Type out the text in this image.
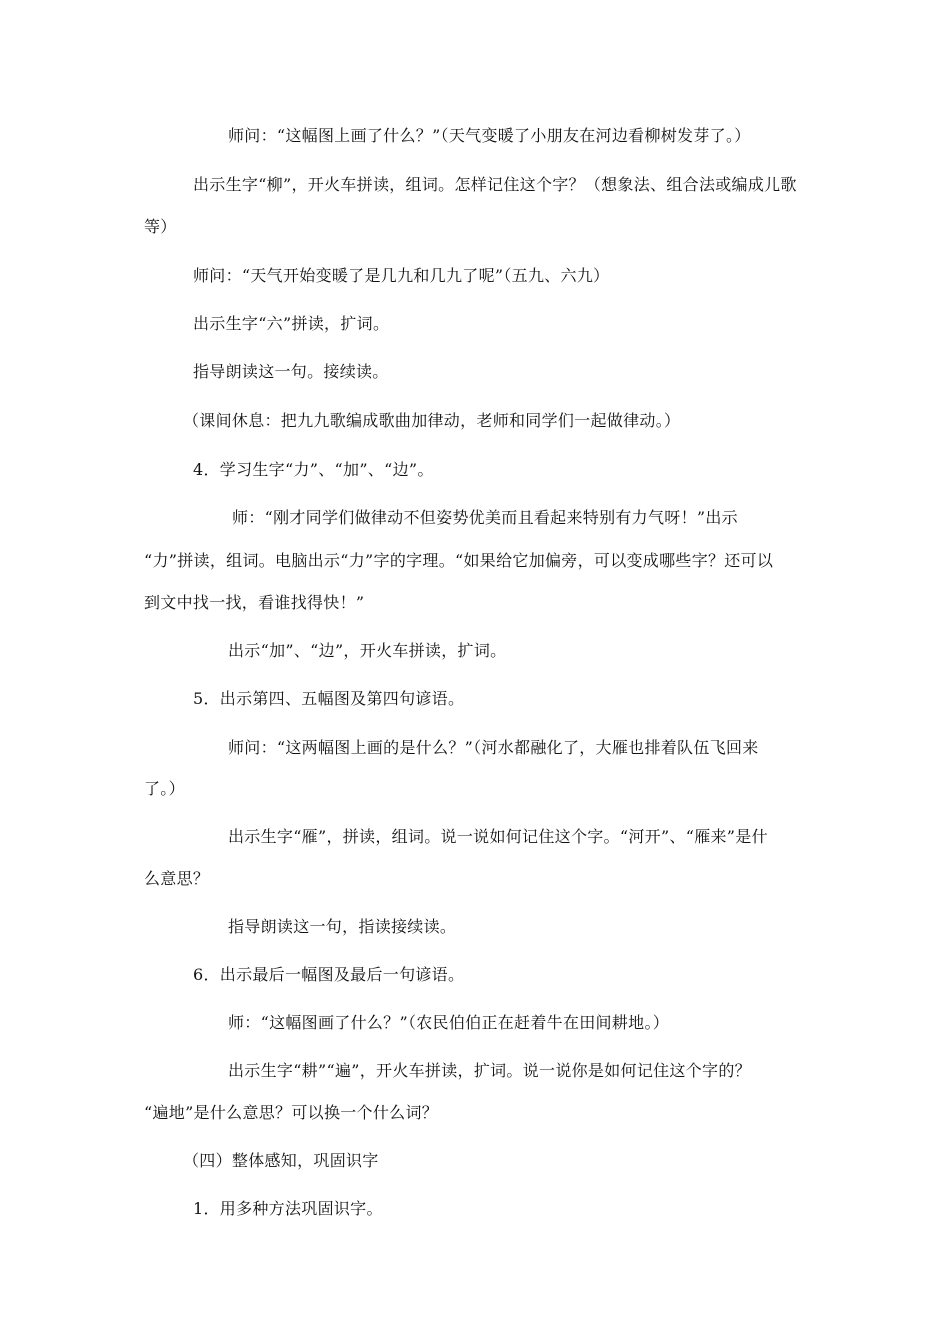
师问：“这幅图上画了什么？”（天气变暖了小朋友在河边看柳树发芽了。）
出示生字“柳”，开火车拼读，组词。怎样记住这个字？（想象法、组合法或编成儿歌
等）
师问：“天气开始变暖了是几九和几九了呢”（五九、六九）
出示生字“六”拼读，扩词。
指导朗读这一句。接续读。
（课间休息：把九九歌编成歌曲加律动，老师和同学们一起做律动。）
4．学习生字“力”、“加”、“边”。
师：“刚才同学们做律动不但姿势优美而且看起来特别有力气呀！”出示
“力”拼读，组词。电脑出示“力”字的字理。“如果给它加偏旁，可以变成哪些字？还可以
到文中找一找，看谁找得快！”
出示“加”、“边”，开火车拼读，扩词。
5．出示第四、五幅图及第四句谚语。
师问：“这两幅图上画的是什么？”（河水都融化了，大雁也排着队伍飞回来
了。）
出示生字“雁”，拼读，组词。说一说如何记住这个字。“河开”、“雁来”是什
么意思？
指导朗读这一句，指读接续读。
6．出示最后一幅图及最后一句谚语。
师：“这幅图画了什么？”（农民伯伯正在赶着牛在田间耕地。）
出示生字“耕”“遍”，开火车拼读，扩词。说一说你是如何记住这个字的？
“遍地”是什么意思？可以换一个什么词？
（四）整体感知，巩固识字
1．用多种方法巩固识字。
